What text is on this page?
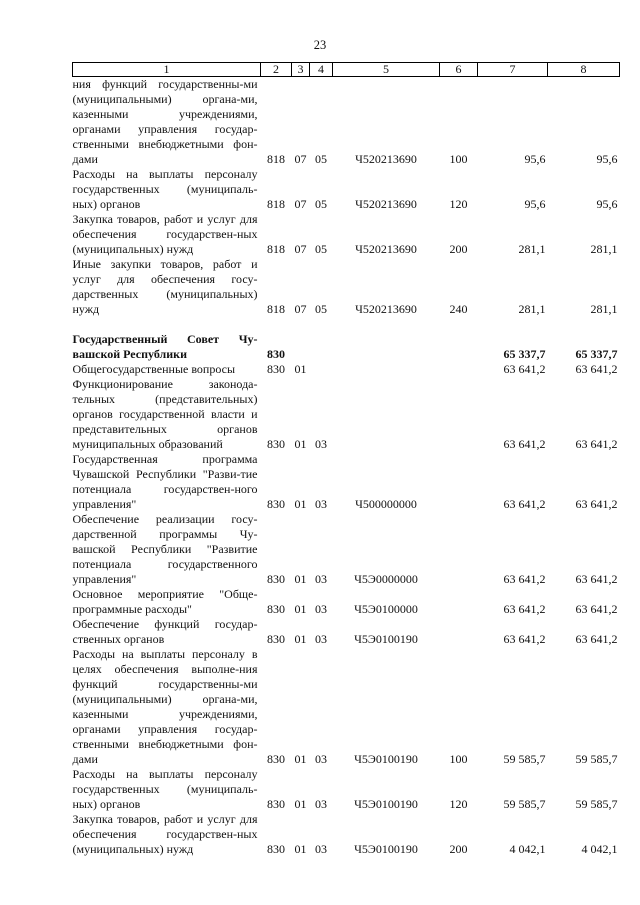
23
1	2	3	4	5	6	7	8
ния функций государственны-ми (муниципальными) органа-ми, казенными учреждениями, органами управления государ-ственными внебюджетными фон-дами	818	07	05	Ч520213690	100	95,6	95,6
Расходы на выплаты персоналу государственных (муниципаль-ных) органов	818	07	05	Ч520213690	120	95,6	95,6
Закупка товаров, работ и услуг для обеспечения государствен-ных (муниципальных) нужд	818	07	05	Ч520213690	200	281,1	281,1
Иные закупки товаров, работ и услуг для обеспечения госу-дарственных (муниципальных) нужд	818	07	05	Ч520213690	240	281,1	281,1

Государственный Совет Чу-вашской Республики	830					65 337,7	65 337,7
Общегосударственные вопросы	830	01				63 641,2	63 641,2
Функционирование законода-тельных (представительных) органов государственной власти и представительных органов муниципальных образований	830	01	03			63 641,2	63 641,2
Государственная программа Чувашской Республики "Разви-тие потенциала государствен-ного управления"	830	01	03	Ч500000000		63 641,2	63 641,2
Обеспечение реализации госу-дарственной программы Чу-вашской Республики "Развитие потенциала государственного управления"	830	01	03	Ч5Э0000000		63 641,2	63 641,2
Основное мероприятие "Обще-программные расходы"	830	01	03	Ч5Э0100000		63 641,2	63 641,2
Обеспечение функций государ-ственных органов	830	01	03	Ч5Э0100190		63 641,2	63 641,2
Расходы на выплаты персоналу в целях обеспечения выполне-ния функций государственны-ми (муниципальными) органа-ми, казенными учреждениями, органами управления государ-ственными внебюджетными фон-дами	830	01	03	Ч5Э0100190	100	59 585,7	59 585,7
Расходы на выплаты персоналу государственных (муниципаль-ных) органов	830	01	03	Ч5Э0100190	120	59 585,7	59 585,7
Закупка товаров, работ и услуг для обеспечения государствен-ных (муниципальных) нужд	830	01	03	Ч5Э0100190	200	4 042,1	4 042,1
